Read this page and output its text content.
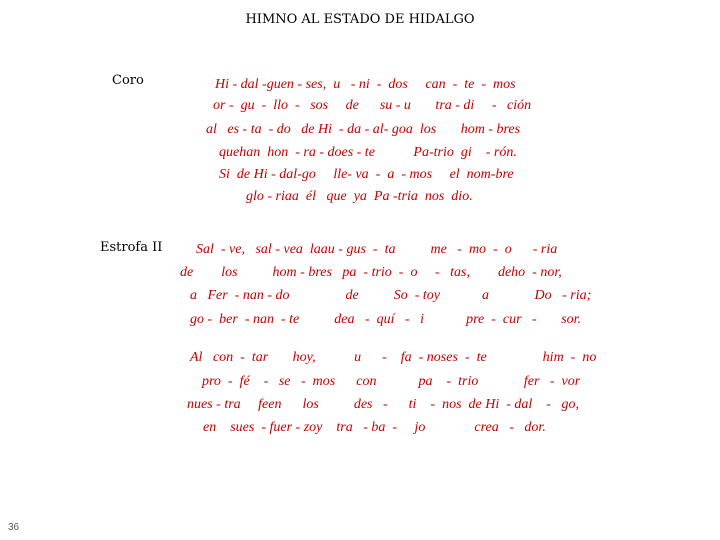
HIMNO AL ESTADO DE HIDALGO
Coro	Hi - dal -guen - ses,  u   - ni  -  dos     can  -  te  -  mos
or -  gu  -  llo  -   sos     de      su - u       tra - di     -   ción
al   es - ta  - do   de Hi  - da - al- goa  los       hom - bres
quehan  hon  - ra - does - te           Pa-trio  gi    - rón.
Si  de Hi - dal-go     lle- va  -  a  - mos     el  nom-bre
glo - riaa  él   que  ya  Pa -tria  nos  dio.
Estrofa II Sal  - ve,   sal - vea  laau - gus  -  ta          me   -  mo  -  o      - ria
de        los          hom - bres   pa  - trio  -  o     -   tas,        deho  - nor,
a   Fer  - nan - do                de          So  - toy            a             Do   - ria;
go -  ber  - nan  - te          dea   -  quí   -   i            pre  -  cur   -       sor.
Al   con  -  tar       hoy,           u      -    fa  - noses  -  te                him  -  no
pro  -  fé    -   se   -  mos      con            pa    -  trio             fer   -  vor
nues - tra     feen      los          des   -      ti    -  nos  de Hi  - dal    -   go,
en    sues  - fuer - zoy    tra   - ba  -     jo              crea   -   dor.
36
